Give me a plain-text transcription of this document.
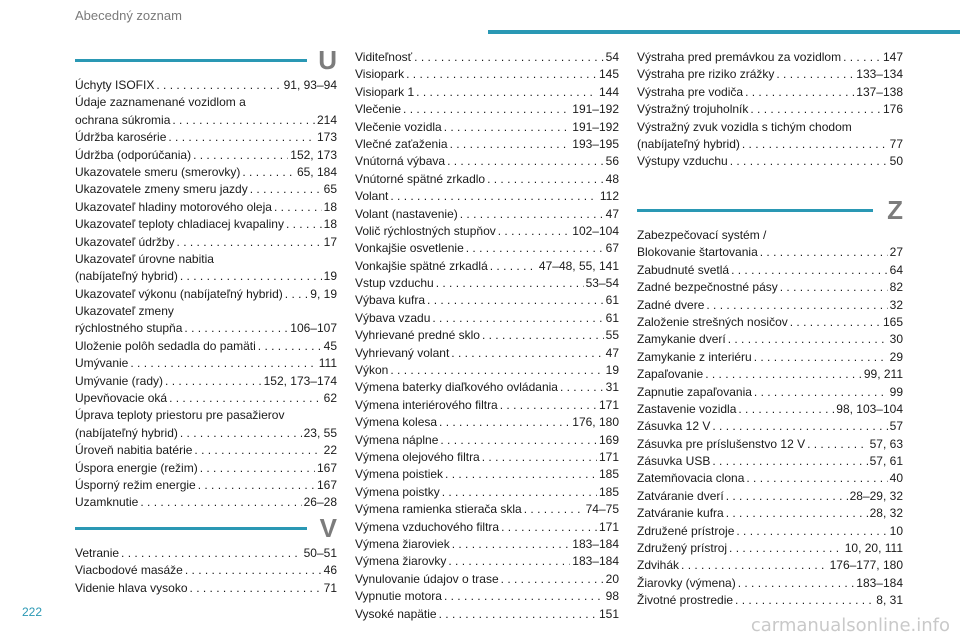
Abecedný zoznam
U
Úchyty ISOFIX . . .	91, 93–94
Údaje zaznamenané vozidlom a
ochrana súkromia . . .	214
Údržba karosérie . . .	173
Údržba (odporúčania) . . .	152, 173
Ukazovatele smeru (smerovky) . . .	65, 184
Ukazovatele zmeny smeru jazdy . . .	65
Ukazovateľ hladiny motorového oleja . . .	18
Ukazovateľ teploty chladiacej kvapaliny . . .	18
Ukazovateľ údržby . . .	17
Ukazovateľ úrovne nabitia
(nabíjateľný hybrid) . . .	19
Ukazovateľ výkonu (nabíjateľný hybrid) . . . 9, 19
Ukazovateľ zmeny
rýchlostného stupňa . . .	106–107
Uloženie polôh sedadla do pamäti . . .	45
Umývanie . . .	111
Umývanie (rady) . . .	152, 173–174
Upevňovacie oká . . .	62
Úprava teploty priestoru pre pasažierov
(nabíjateľný hybrid) . . .	23, 55
Úroveň nabitia batérie . . .	22
Úspora energie (režim) . . .	167
Úsporný režim energie . . .	167
Uzamknutie . . .	26–28
V
Vetranie . . .	50–51
Viacbodové masáže . . .	46
Videnie hlava vysoko . . .	71
Viditeľnosť . . .	54
Visiopark . . .	145
Visiopark 1 . . .	144
Vlečenie . . .	191–192
Vlečenie vozidla . . .	191–192
Vlečné zaťaženia . . .	193–195
Vnútorná výbava . . .	56
Vnútorné spätné zrkadlo . . .	48
Volant . . .	112
Volant (nastavenie) . . .	47
Volič rýchlostných stupňov . . .	102–104
Vonkajšie osvetlenie . . .	67
Vonkajšie spätné zrkadlá . . .	47–48, 55, 141
Vstup vzduchu . . .	53–54
Výbava kufra . . .	61
Výbava vzadu . . .	61
Vyhrievané predné sklo . . .	55
Vyhrievaný volant . . .	47
Výkon . . .	19
Výmena baterky diaľkového ovládania . . .	31
Výmena interiérového filtra . . .	171
Výmena kolesa . . .	176, 180
Výmena náplne . . .	169
Výmena olejového filtra . . .	171
Výmena poistiek . . .	185
Výmena poistky . . .	185
Výmena ramienka stierača skla . . .	74–75
Výmena vzduchového filtra . . .	171
Výmena žiaroviek . . .	183–184
Výmena žiarovky . . .	183–184
Vynulovanie údajov o trase . . .	20
Vypnutie motora . . .	98
Vysoké napätie . . .	151
Výstraha pred premávkou za vozidlom . . .	147
Výstraha pre riziko zrážky . . .	133–134
Výstraha pre vodiča . . .	137–138
Výstražný trojuholník . . .	176
Výstražný zvuk vozidla s tichým chodom
(nabíjateľný hybrid) . . .	77
Výstupy vzduchu . . .	50
Z
Zabezpečovací systém /
Blokovanie štartovania . . .	27
Zabudnuté svetlá . . .	64
Zadné bezpečnostné pásy . . .	82
Zadné dvere . . .	32
Založenie strešných nosičov . . .	165
Zamykanie dverí . . .	30
Zamykanie z interiéru . . .	29
Zapaľovanie . . .	99, 211
Zapnutie zapaľovania . . .	99
Zastavenie vozidla . . .	98, 103–104
Zásuvka 12 V . . .	57
Zásuvka pre príslušenstvo 12 V . . .	57, 63
Zásuvka USB . . .	57, 61
Zatemňovacia clona . . .	40
Zatváranie dverí . . .	28–29, 32
Zatváranie kufra . . .	28, 32
Združené prístroje . . .	10
Združený prístroj . . .	10, 20, 111
Zdvihák . . .	176–177, 180
Žiarovky (výmena) . . .	183–184
Životné prostredie . . .	8, 31
222
carmanualsonline.info
